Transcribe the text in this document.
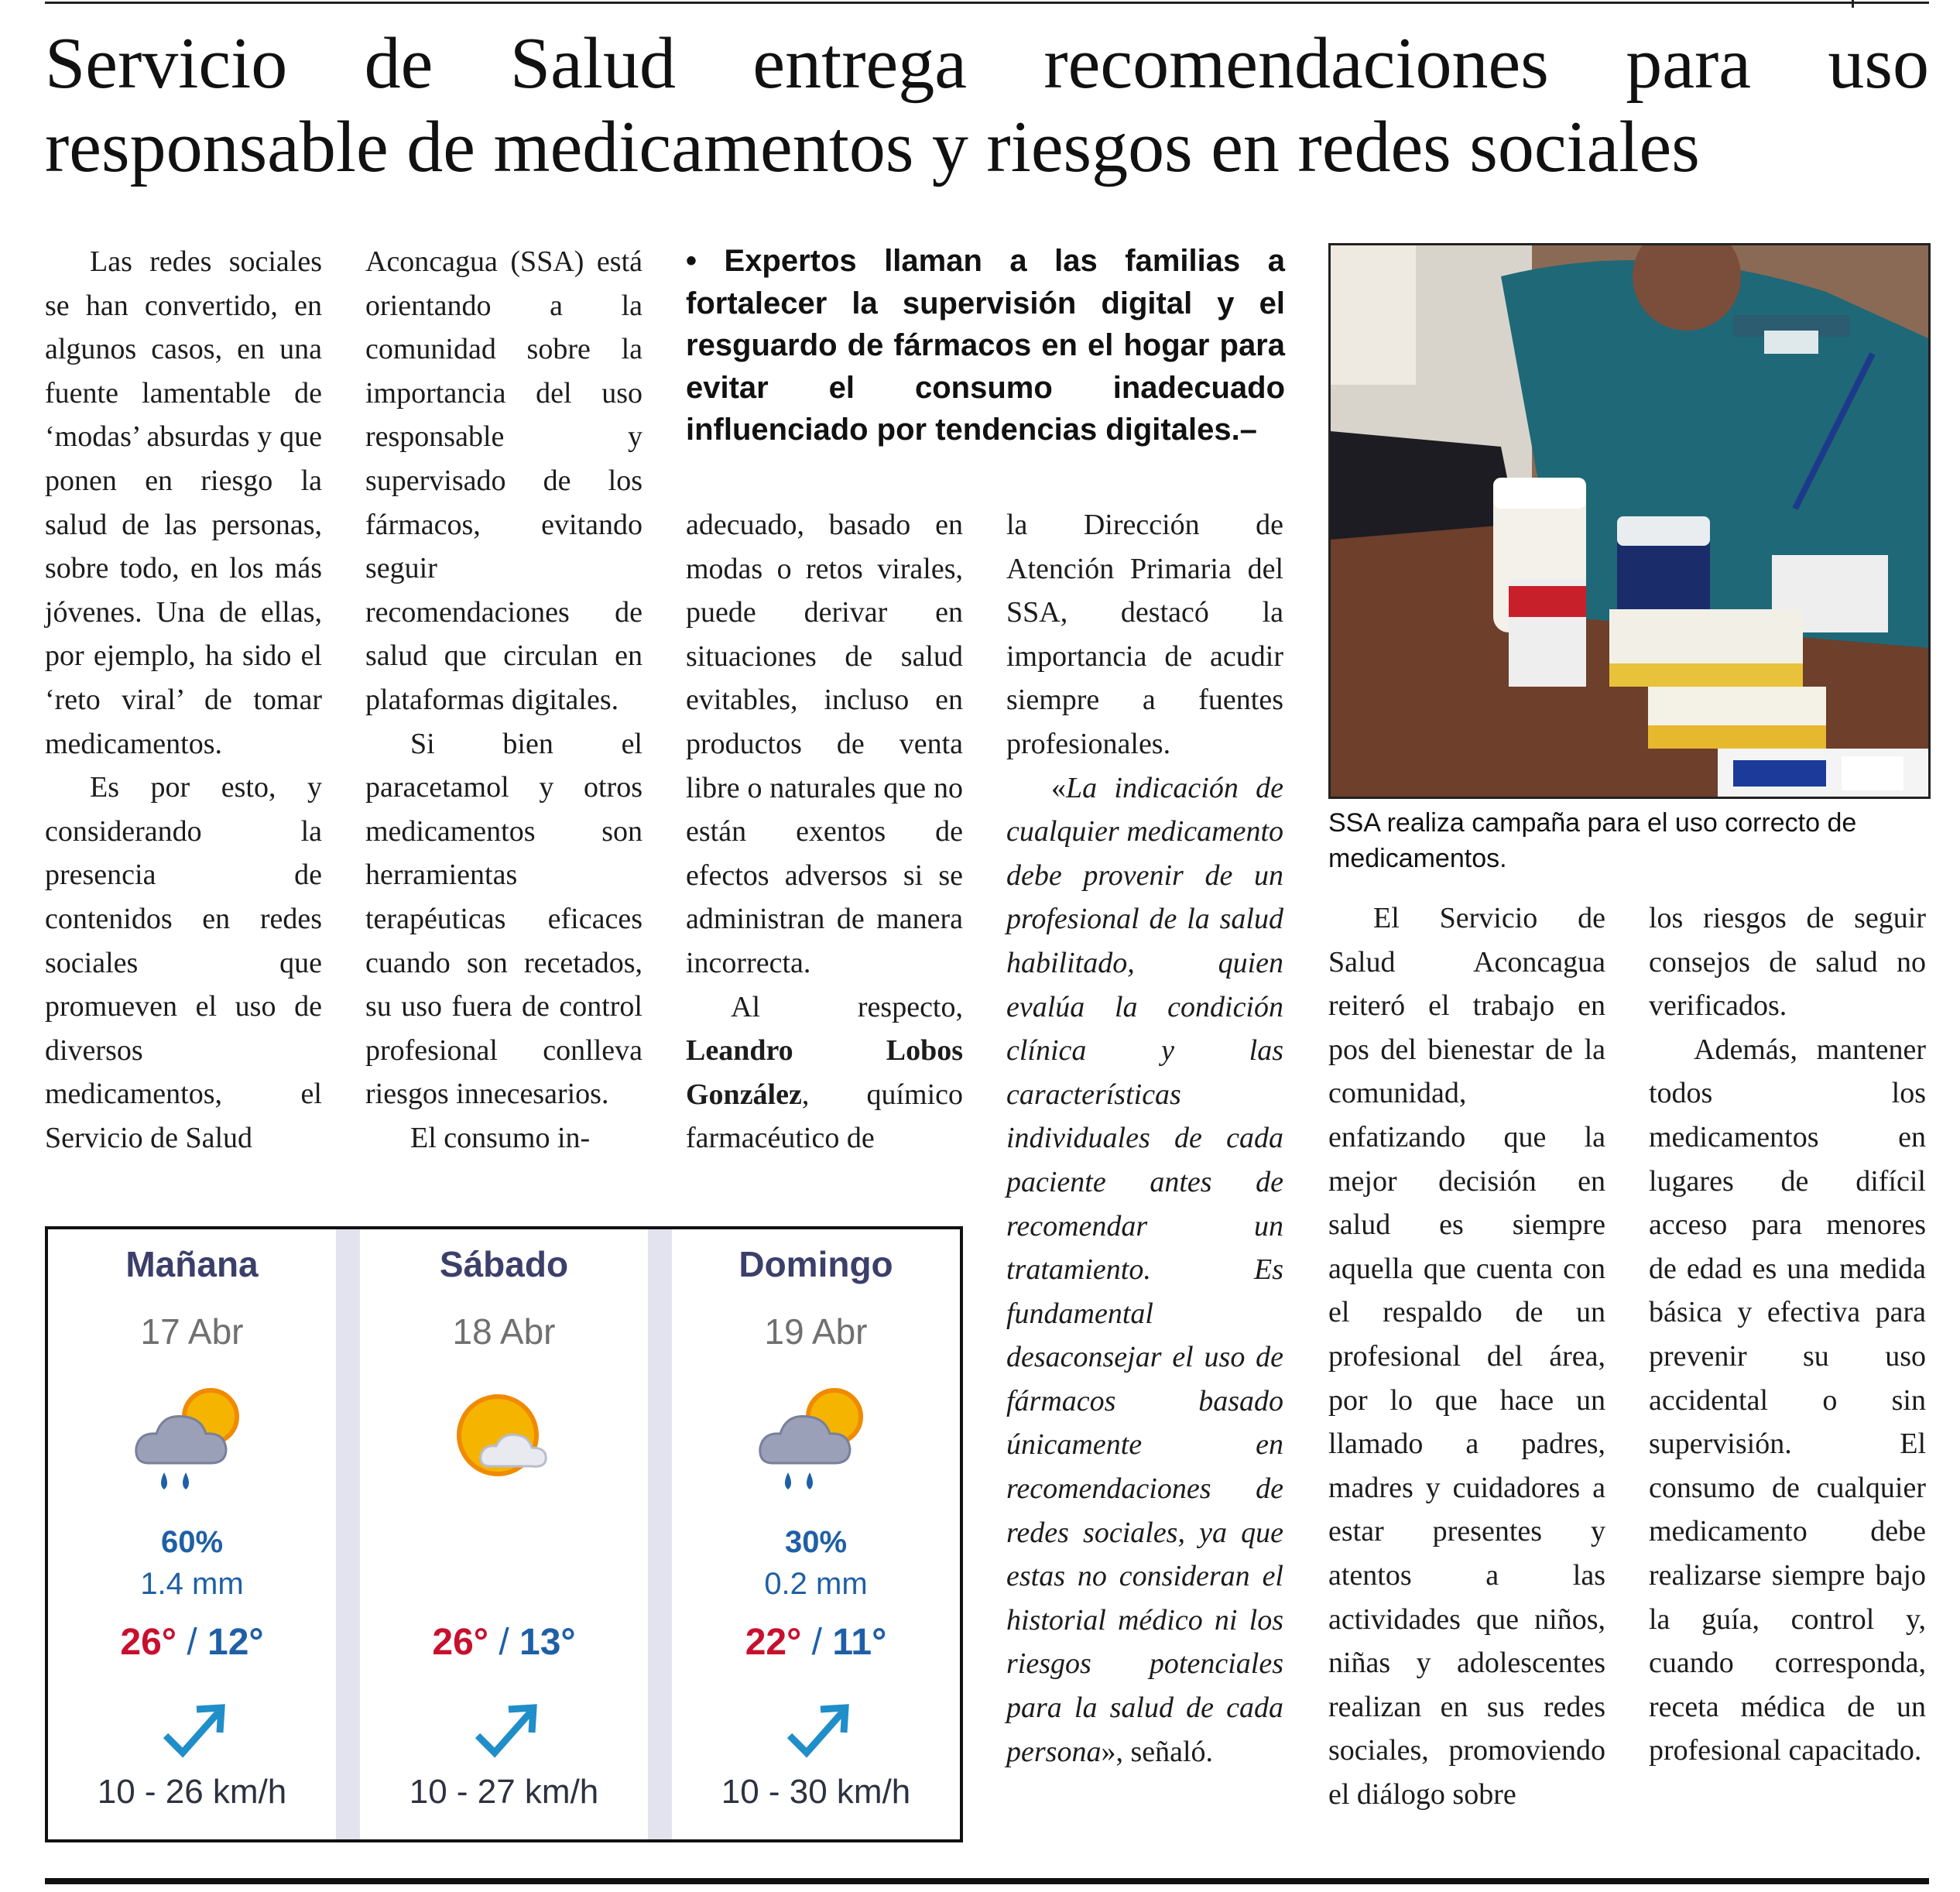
Servicio de Salud entrega recomendaciones para uso
responsable de medicamentos y riesgos en redes sociales

Las redes sociales se han convertido, en algunos casos, en una fuente lamentable de ‘modas’ absurdas y que ponen en riesgo la salud de las personas, sobre todo, en los más jóvenes. Una de ellas, por ejemplo, ha sido el ‘reto viral’ de tomar medicamentos.

Es por esto, y considerando la presencia de contenidos en redes sociales que promueven el uso de diversos medicamentos, el Servicio de Salud

Aconcagua (SSA) está orientando a la comunidad sobre la importancia del uso responsable y supervisado de los fármacos, evitando seguir recomendaciones de salud que circulan en plataformas digitales.

Si bien el paracetamol y otros medicamentos son herramientas terapéuticas eficaces cuando son recetados, su uso fuera de control profesional conlleva riesgos innecesarios.

El consumo in-

• Expertos llaman a las familias a fortalecer la supervisión digital y el resguardo de fármacos en el hogar para evitar el consumo inadecuado influenciado por tendencias digitales.–

adecuado, basado en modas o retos virales, puede derivar en situaciones de salud evitables, incluso en productos de venta libre o naturales que no están exentos de efectos adversos si se administran de manera incorrecta.

Al respecto, Leandro Lobos González, químico farmacéutico de

la Dirección de Atención Primaria del SSA, destacó la importancia de acudir siempre a fuentes profesionales.

«La indicación de cualquier medicamento debe provenir de un profesional de la salud habilitado, quien evalúa la condición clínica y las características individuales de cada paciente antes de recomendar un tratamiento. Es fundamental desaconsejar el uso de fármacos basado únicamente en recomendaciones de redes sociales, ya que estas no consideran el historial médico ni los riesgos potenciales para la salud de cada persona», señaló.

SSA realiza campaña para el uso correcto de medicamentos.

El Servicio de Salud Aconcagua reiteró el trabajo en pos del bienestar de la comunidad, enfatizando que la mejor decisión en salud es siempre aquella que cuenta con el respaldo de un profesional del área, por lo que hace un llamado a padres, madres y cuidadores a estar presentes y atentos a las actividades que niños, niñas y adolescentes realizan en sus redes sociales, promoviendo el diálogo sobre

los riesgos de seguir consejos de salud no verificados.

Además, mantener todos los medicamentos en lugares de difícil acceso para menores de edad es una medida básica y efectiva para prevenir su uso accidental o sin supervisión. El consumo de cualquier medicamento debe realizarse siempre bajo la guía, control y, cuando corresponda, receta médica de un profesional capacitado.

Mañana
17 Abr
60%
1.4 mm
26° / 12°
10 - 26 km/h
Sábado
18 Abr
26° / 13°
10 - 27 km/h
Domingo
19 Abr
30%
0.2 mm
22° / 11°
10 - 30 km/h
